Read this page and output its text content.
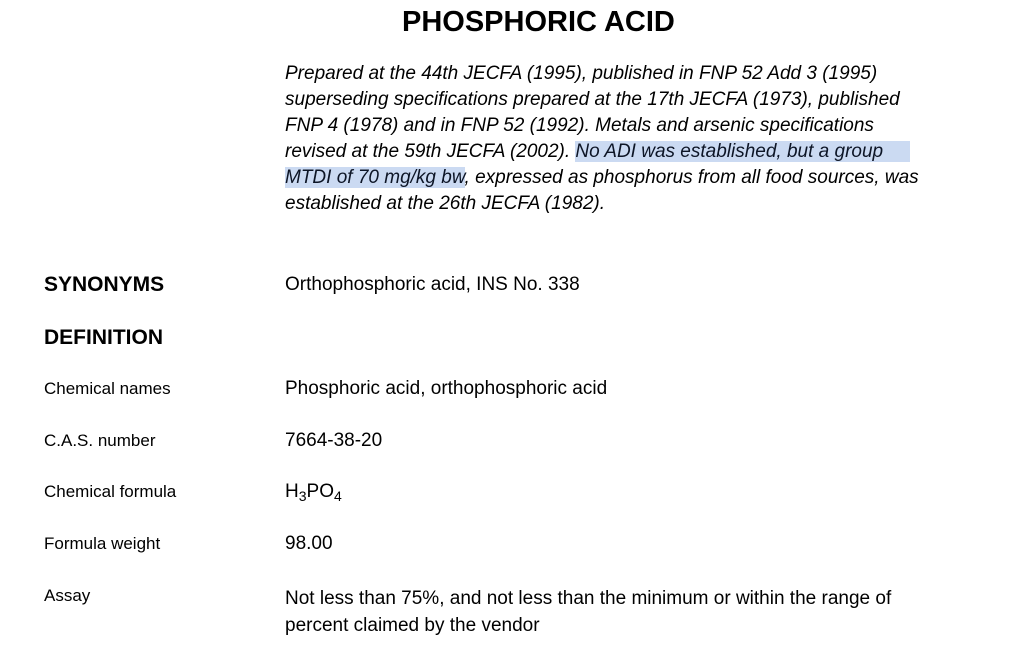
PHOSPHORIC ACID
Prepared at the 44th JECFA (1995), published in FNP 52 Add 3 (1995)
superseding specifications prepared at the 17th JECFA (1973), published
FNP 4 (1978) and in FNP 52 (1992). Metals and arsenic specifications
revised at the 59th JECFA (2002). No ADI was established, but a group
MTDI of 70 mg/kg bw, expressed as phosphorus from all food sources, was
established at the 26th JECFA (1982).
SYNONYMS	Orthophosphoric acid, INS No. 338
DEFINITION
Chemical names	Phosphoric acid, orthophosphoric acid
C.A.S. number	7664-38-20
Chemical formula	$H_3PO_4$
Formula weight	98.00
Assay	Not less than 75%, and not less than the minimum or within the range of percent claimed by the vendor
